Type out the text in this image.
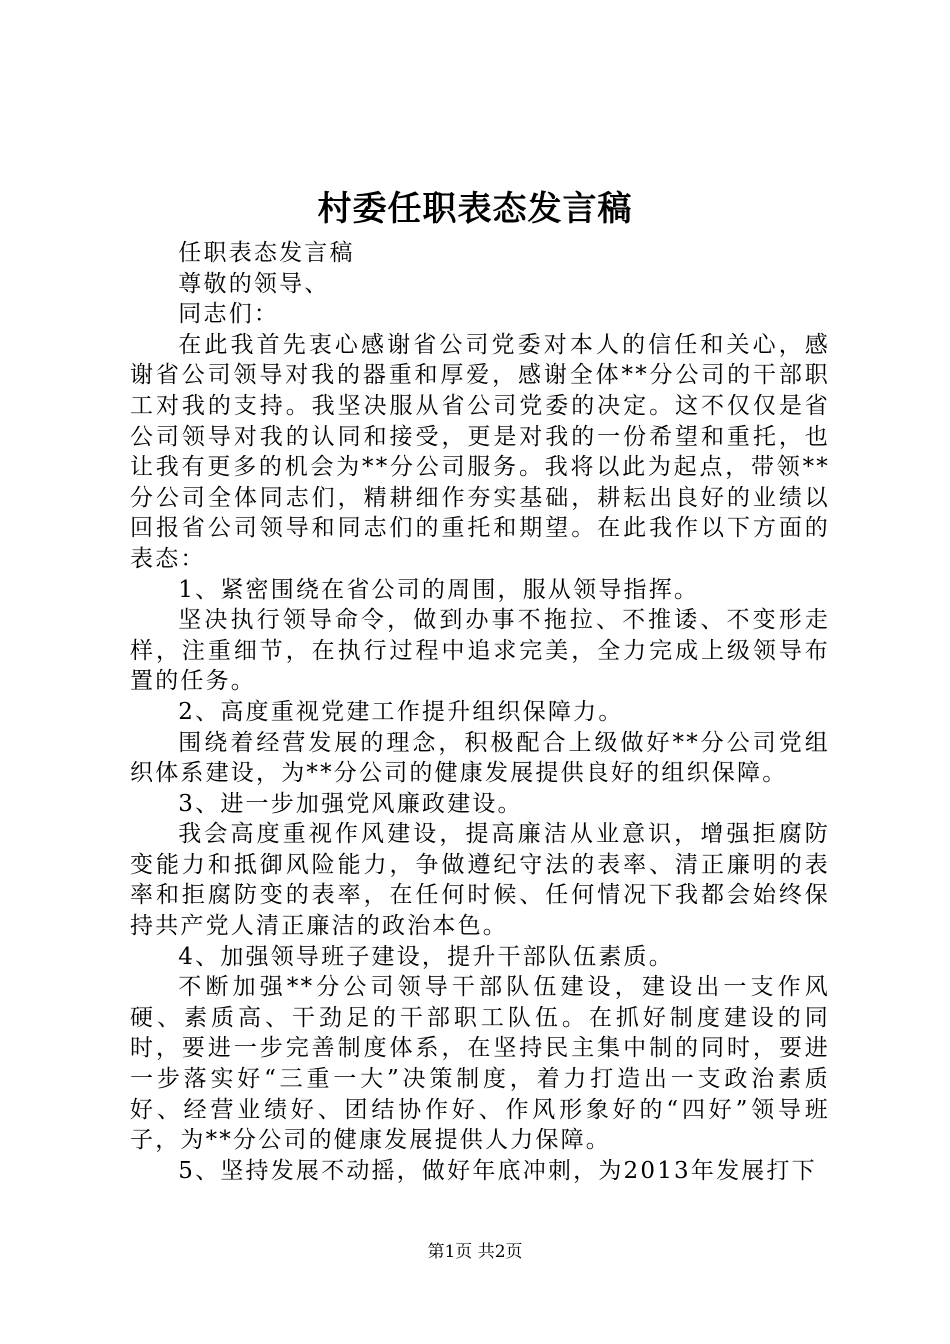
村委任职表态发言稿

任职表态发言稿

尊敬的领导、

同志们：

在此我首先衷心感谢省公司党委对本人的信任和关心，感谢省公司领导对我的器重和厚爱，感谢全体**分公司的干部职工对我的支持。我坚决服从省公司党委的决定。这不仅仅是省公司领导对我的认同和接受，更是对我的一份希望和重托，也让我有更多的机会为**分公司服务。我将以此为起点，带领**分公司全体同志们，精耕细作夯实基础，耕耘出良好的业绩以回报省公司领导和同志们的重托和期望。在此我作以下方面的表态：

1、紧密围绕在省公司的周围，服从领导指挥。

坚决执行领导命令，做到办事不拖拉、不推诿、不变形走样，注重细节，在执行过程中追求完美，全力完成上级领导布置的任务。

2、高度重视党建工作提升组织保障力。

围绕着经营发展的理念，积极配合上级做好**分公司党组织体系建设，为**分公司的健康发展提供良好的组织保障。

3、进一步加强党风廉政建设。

我会高度重视作风建设，提高廉洁从业意识，增强拒腐防变能力和抵御风险能力，争做遵纪守法的表率、清正廉明的表率和拒腐防变的表率，在任何时候、任何情况下我都会始终保持共产党人清正廉洁的政治本色。

4、加强领导班子建设，提升干部队伍素质。

不断加强**分公司领导干部队伍建设，建设出一支作风硬、素质高、干劲足的干部职工队伍。在抓好制度建设的同时，要进一步完善制度体系，在坚持民主集中制的同时，要进一步落实好“三重一大”决策制度，着力打造出一支政治素质好、经营业绩好、团结协作好、作风形象好的“四好”领导班子，为**分公司的健康发展提供人力保障。

5、坚持发展不动摇，做好年底冲刺，为2013年发展打下

第1页 共2页
